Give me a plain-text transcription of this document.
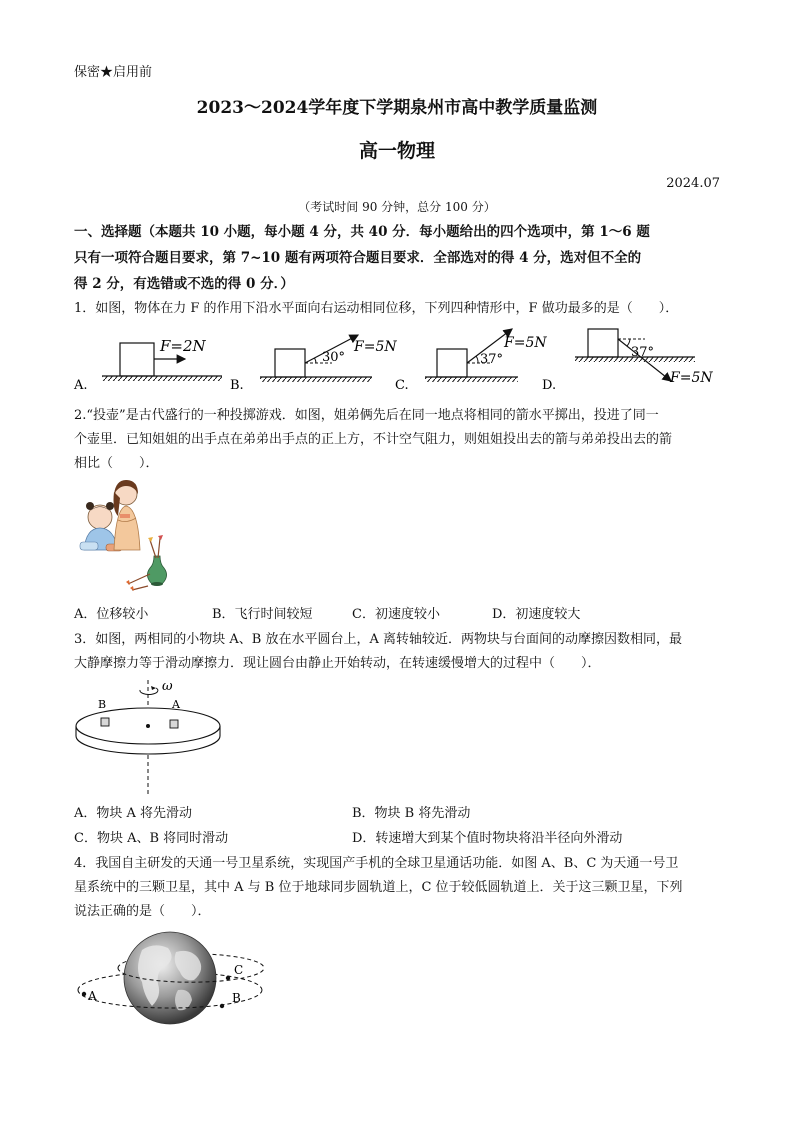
保密★启用前
2023～2024学年度下学期泉州市高中教学质量监测
高一物理
2024.07
（考试时间 90 分钟，总分 100 分）
一、选择题（本题共 10 小题，每小题 4 分，共 40 分．每小题给出的四个选项中，第 1～6 题
只有一项符合题目要求，第 7~10 题有两项符合题目要求．全部选对的得 4 分，选对但不全的
得 2 分，有选错或不选的得 0 分．）
1．如图，物体在力 F 的作用下沿水平面向右运动相同位移，下列四种情形中，F 做功最多的是（　　）．
A.
F=2N
B.
30°
F=5N
C.
37°
F=5N
D.
37°
F=5N
2.“投壶”是古代盛行的一种投掷游戏．如图，姐弟俩先后在同一地点将相同的箭水平掷出，投进了同一
个壶里．已知姐姐的出手点在弟弟出手点的正上方，不计空气阻力，则姐姐投出去的箭与弟弟投出去的箭
相比（　　）．
A．位移较小	B．飞行时间较短	C．初速度较小	D．初速度较大
3．如图，两相同的小物块 A、B 放在水平圆台上，A 离转轴较近．两物块与台面间的动摩擦因数相同，最
大静摩擦力等于滑动摩擦力．现让圆台由静止开始转动，在转速缓慢增大的过程中（　　）．
ω
B	A
A．物块 A 将先滑动	B．物块 B 将先滑动
C．物块 A、B 将同时滑动	D．转速增大到某个值时物块将沿半径向外滑动
4．我国自主研发的天通一号卫星系统，实现国产手机的全球卫星通话功能．如图 A、B、C 为天通一号卫
星系统中的三颗卫星，其中 A 与 B 位于地球同步圆轨道上，C 位于较低圆轨道上．关于这三颗卫星，下列
说法正确的是（　　）．
A	B
C
